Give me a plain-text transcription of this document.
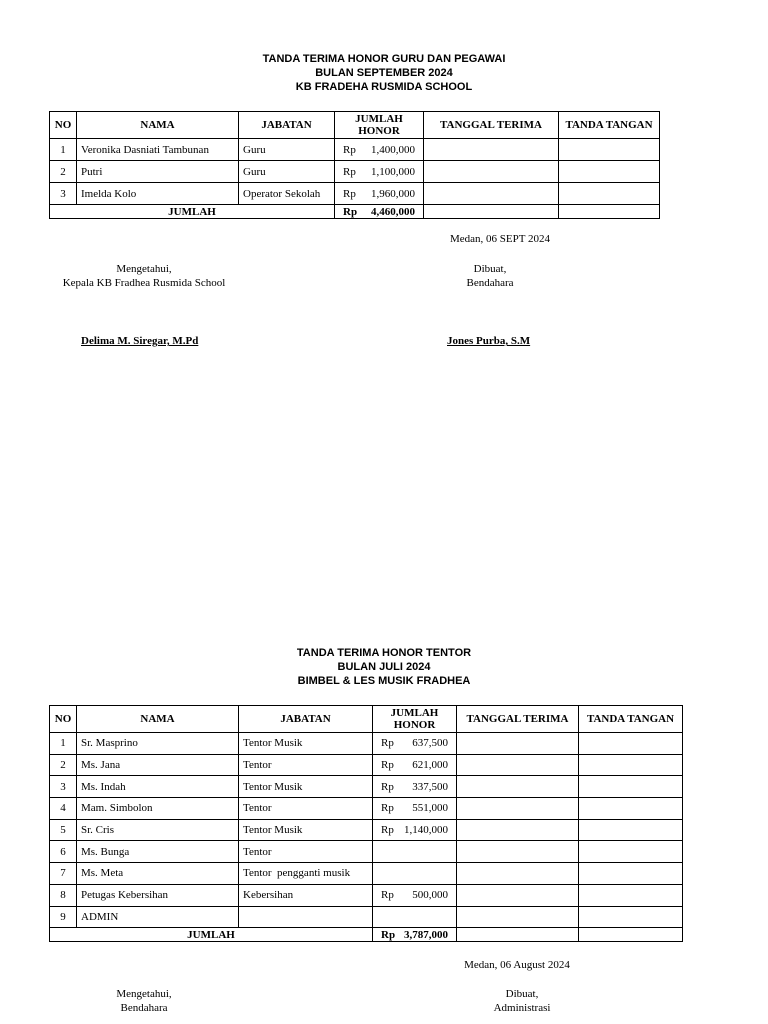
TANDA TERIMA HONOR GURU DAN PEGAWAI
BULAN SEPTEMBER 2024
KB FRADEHA RUSMIDA SCHOOL
NO	NAMA	JABATAN	JUMLAH HONOR	TANGGAL TERIMA	TANDA TANGAN
1	Veronika Dasniati Tambunan	Guru	Rp 1,400,000		

2	Putri	Guru	Rp 1,100,000		

3	Imelda Kolo	Operator Sekolah	Rp 1,960,000		

JUMLAH			Rp 4,460,000		

Medan, 06 SEPT 2024
Mengetahui,
Kepala KB Fradhea Rusmida School
Delima M. Siregar, M.Pd
Dibuat,
Bendahara
Jones Purba, S.M
TANDA TERIMA HONOR TENTOR
BULAN JULI 2024
BIMBEL & LES MUSIK FRADHEA
NO	NAMA	JABATAN	JUMLAH HONOR	TANGGAL TERIMA	TANDA TANGAN
1	Sr. Masprino	Tentor Musik	Rp 637,500		

2	Ms. Jana	Tentor	Rp 621,000		

3	Ms. Indah	Tentor Musik	Rp 337,500		

4	Mam. Simbolon	Tentor	Rp 551,000		

5	Sr. Cris	Tentor Musik	Rp 1,140,000		

6	Ms. Bunga	Tentor	

7	Ms. Meta	Tentor  pengganti musik	

8	Petugas Kebersihan	Kebersihan	Rp 500,000		

9	ADMIN		

JUMLAH			Rp 3,787,000		

Medan, 06 August 2024
Mengetahui,
Bendahara
Dibuat,
Administrasi
